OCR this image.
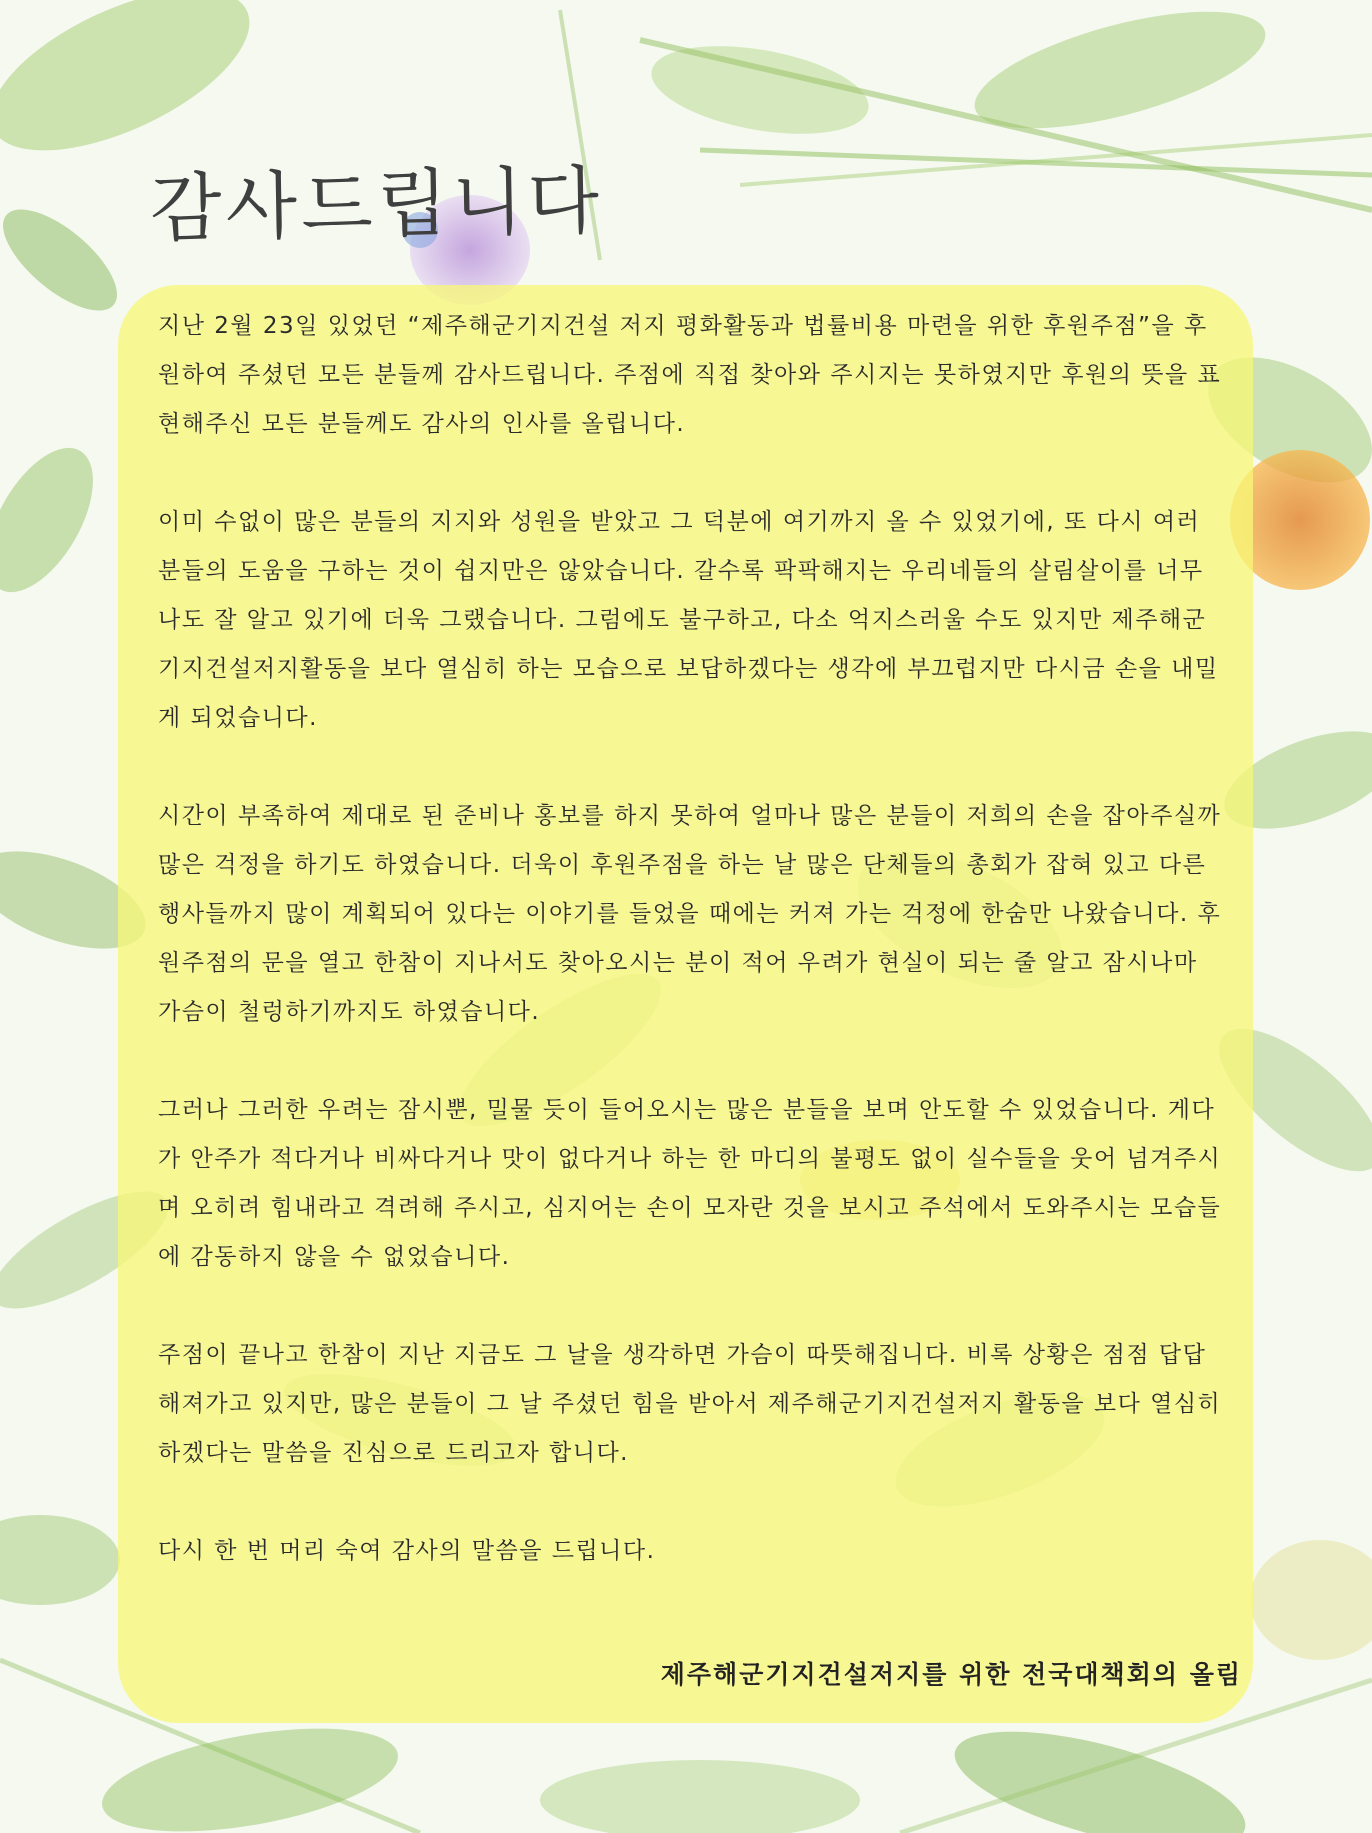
감사드립니다

지난 2월 23일 있었던 “제주해군기지건설 저지 평화활동과 법률비용 마련을 위한 후원주점”을 후원하여 주셨던 모든 분들께 감사드립니다. 주점에 직접 찾아와 주시지는 못하였지만 후원의 뜻을 표현해주신 모든 분들께도 감사의 인사를 올립니다.

이미 수없이 많은 분들의 지지와 성원을 받았고 그 덕분에 여기까지 올 수 있었기에, 또 다시 여러분들의 도움을 구하는 것이 쉽지만은 않았습니다. 갈수록 팍팍해지는 우리네들의 살림살이를 너무나도 잘 알고 있기에 더욱 그랬습니다. 그럼에도 불구하고, 다소 억지스러울 수도 있지만 제주해군기지건설저지활동을 보다 열심히 하는 모습으로 보답하겠다는 생각에 부끄럽지만 다시금 손을 내밀게 되었습니다.

시간이 부족하여 제대로 된 준비나 홍보를 하지 못하여 얼마나 많은 분들이 저희의 손을 잡아주실까 많은 걱정을 하기도 하였습니다. 더욱이 후원주점을 하는 날 많은 단체들의 총회가 잡혀 있고 다른 행사들까지 많이 계획되어 있다는 이야기를 들었을 때에는 커져 가는 걱정에 한숨만 나왔습니다. 후원주점의 문을 열고 한참이 지나서도 찾아오시는 분이 적어 우려가 현실이 되는 줄 알고 잠시나마 가슴이 철렁하기까지도 하였습니다.

그러나 그러한 우려는 잠시뿐, 밀물 듯이 들어오시는 많은 분들을 보며 안도할 수 있었습니다. 게다가 안주가 적다거나 비싸다거나 맛이 없다거나 하는 한 마디의 불평도 없이 실수들을 웃어 넘겨주시며 오히려 힘내라고 격려해 주시고, 심지어는 손이 모자란 것을 보시고 주석에서 도와주시는 모습들에 감동하지 않을 수 없었습니다.

주점이 끝나고 한참이 지난 지금도 그 날을 생각하면 가슴이 따뜻해집니다. 비록 상황은 점점 답답해져가고 있지만, 많은 분들이 그 날 주셨던 힘을 받아서 제주해군기지건설저지 활동을 보다 열심히 하겠다는 말씀을 진심으로 드리고자 합니다.

다시 한 번 머리 숙여 감사의 말씀을 드립니다.

제주해군기지건설저지를 위한 전국대책회의 올림
